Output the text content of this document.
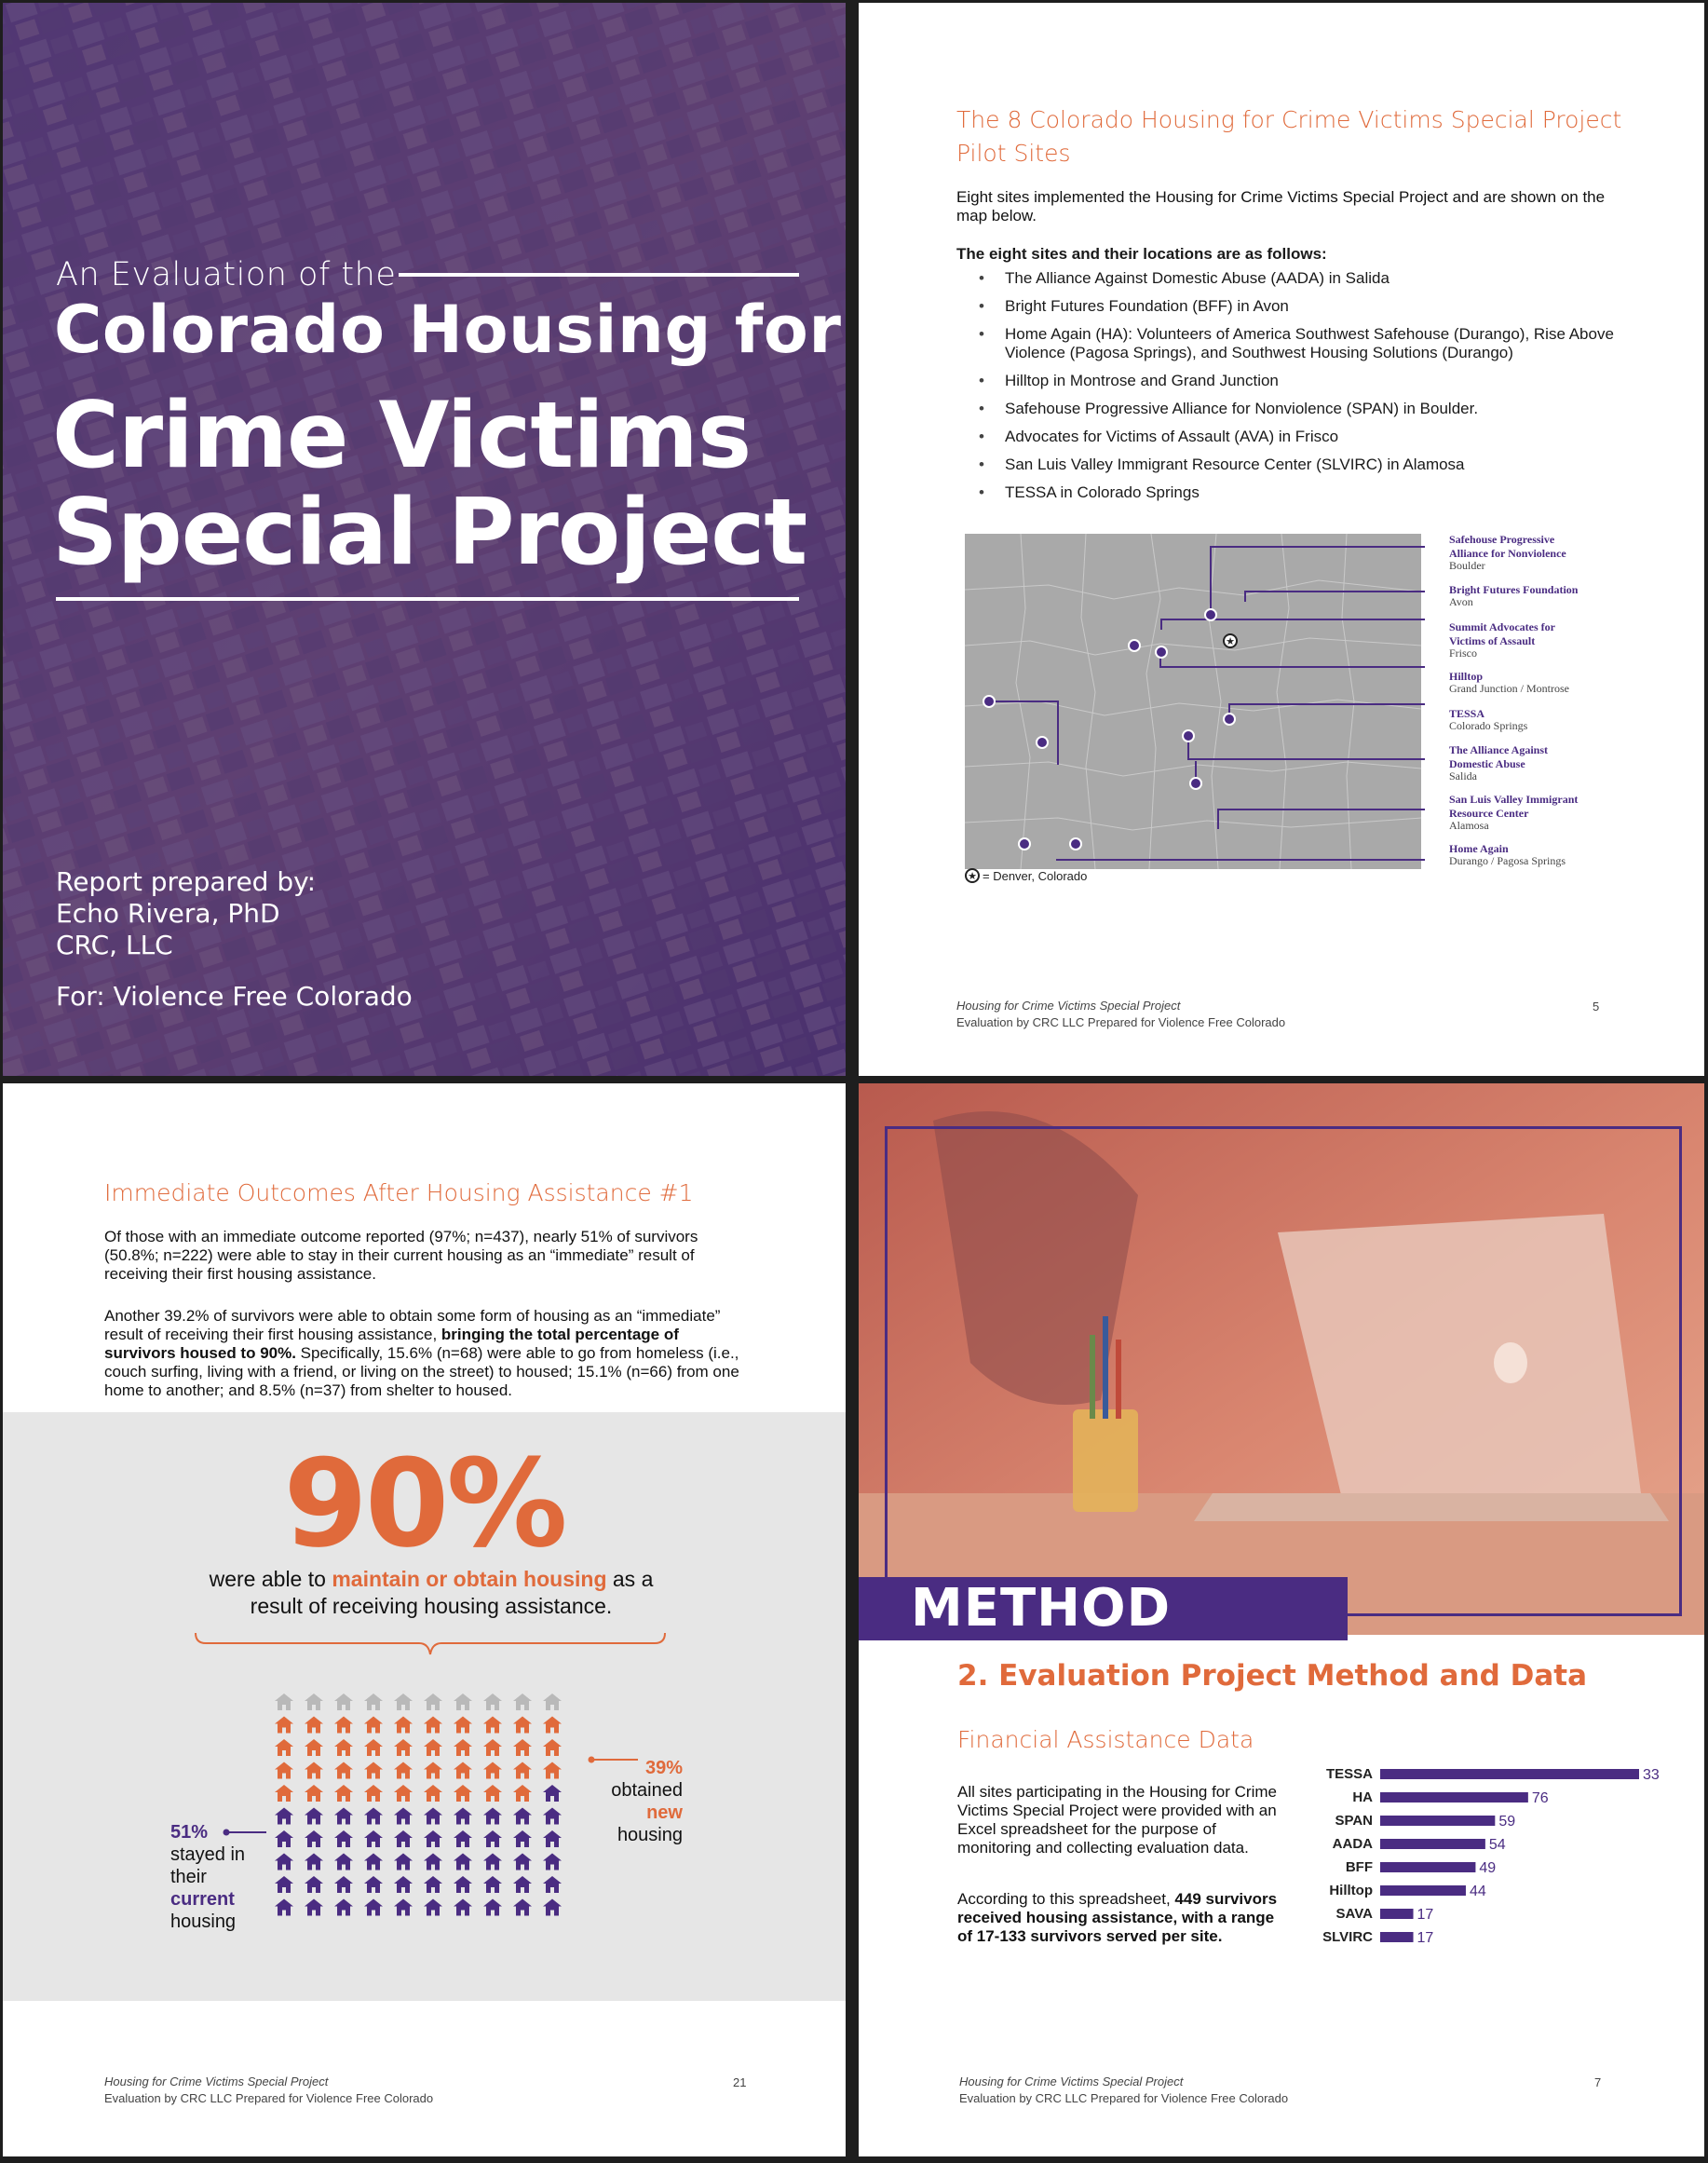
An Evaluation of the
Colorado Housing for
Crime Victims
Special Project
Report prepared by:
Echo Rivera, PhD
CRC, LLC
For: Violence Free Colorado
The 8 Colorado Housing for Crime Victims Special Project Pilot Sites
Eight sites implemented the Housing for Crime Victims Special Project and are shown on the map below.
The eight sites and their locations are as follows:
• The Alliance Against Domestic Abuse (AADA) in Salida
• Bright Futures Foundation (BFF) in Avon
• Home Again (HA): Volunteers of America Southwest Safehouse (Durango), Rise Above Violence (Pagosa Springs), and Southwest Housing Solutions (Durango)
• Hilltop in Montrose and Grand Junction
• Safehouse Progressive Alliance for Nonviolence (SPAN) in Boulder.
• Advocates for Victims of Assault (AVA) in Frisco
• San Luis Valley Immigrant Resource Center (SLVIRC) in Alamosa
• TESSA in Colorado Springs
★
★ = Denver, Colorado
Safehouse Progressive
Alliance for Nonviolence
Boulder
Bright Futures Foundation
Avon
Summit Advocates for
Victims of Assault
Frisco
Hilltop
Grand Junction / Montrose
TESSA
Colorado Springs
The Alliance Against
Domestic Abuse
Salida
San Luis Valley Immigrant
Resource Center
Alamosa
Home Again
Durango / Pagosa Springs
Housing for Crime Victims Special Project
Evaluation by CRC LLC Prepared for Violence Free Colorado
5
Immediate Outcomes After Housing Assistance #1
Of those with an immediate outcome reported (97%; n=437), nearly 51% of survivors (50.8%; n=222) were able to stay in their current housing as an “immediate” result of receiving their first housing assistance.
Another 39.2% of survivors were able to obtain some form of housing as an “immediate” result of receiving their first housing assistance, bringing the total percentage of survivors housed to 90%. Specifically, 15.6% (n=68) were able to go from homeless (i.e., couch surfing, living with a friend, or living on the street) to housed; 15.1% (n=66) from one home to another; and 8.5% (n=37) from shelter to housed.
90%
were able to maintain or obtain housing as a result of receiving housing assistance.
51%
stayed in
their
current
housing
39%
obtained
new
housing
Housing for Crime Victims Special Project
Evaluation by CRC LLC Prepared for Violence Free Colorado
21
METHOD
2. Evaluation Project Method and Data
Financial Assistance Data
All sites participating in the Housing for Crime Victims Special Project were provided with an Excel spreadsheet for the purpose of monitoring and collecting evaluation data.
According to this spreadsheet, 449 survivors received housing assistance, with a range of 17-133 survivors served per site.
TESSA	33
HA	76
SPAN	59
AADA	54
BFF	49
Hilltop	44
SAVA	17
SLVIRC	17
Housing for Crime Victims Special Project
Evaluation by CRC LLC Prepared for Violence Free Colorado
7
